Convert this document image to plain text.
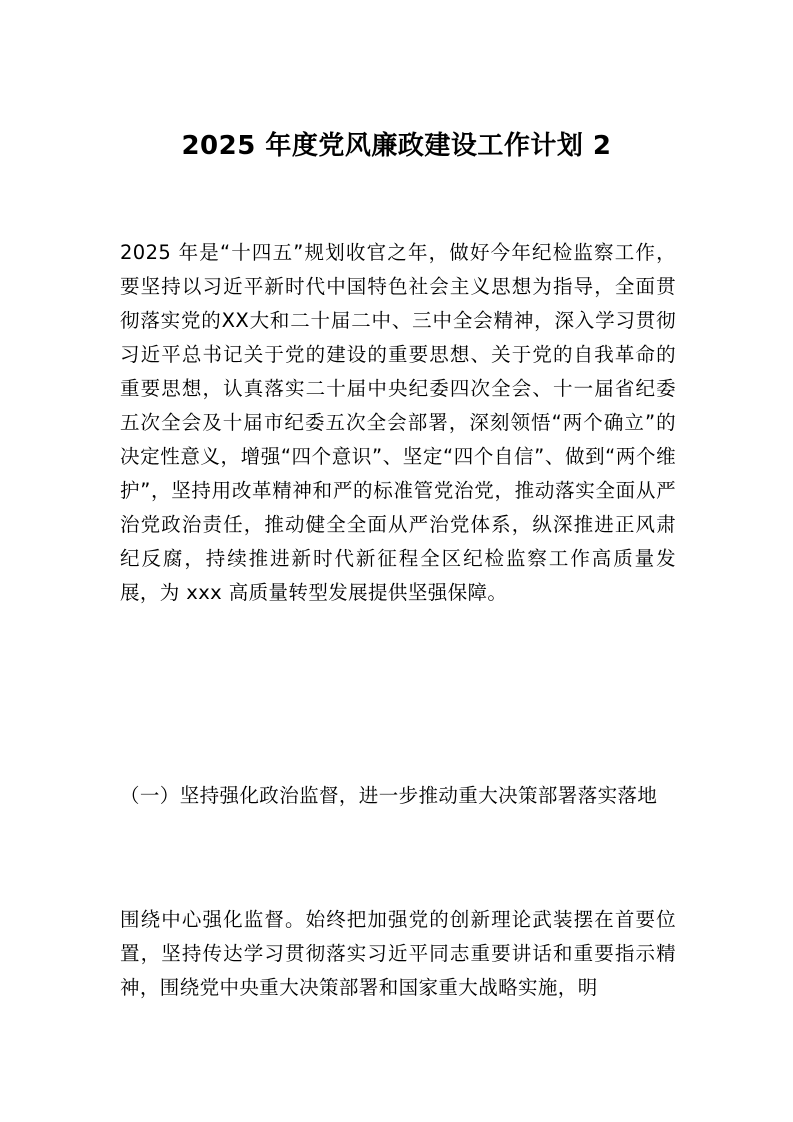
2025 年度党风廉政建设工作计划 2
2025 年是“十四五”规划收官之年，做好今年纪检监察工作，要坚持以习近平新时代中国特色社会主义思想为指导，全面贯彻落实党的XX大和二十届二中、三中全会精神，深入学习贯彻习近平总书记关于党的建设的重要思想、关于党的自我革命的重要思想，认真落实二十届中央纪委四次全会、十一届省纪委五次全会及十届市纪委五次全会部署，深刻领悟“两个确立”的决定性意义，增强“四个意识”、坚定“四个自信”、做到“两个维护”，坚持用改革精神和严的标准管党治党，推动落实全面从严治党政治责任，推动健全全面从严治党体系，纵深推进正风肃纪反腐，持续推进新时代新征程全区纪检监察工作高质量发展，为 xxx 高质量转型发展提供坚强保障。
（一）坚持强化政治监督，进一步推动重大决策部署落实落地
围绕中心强化监督。始终把加强党的创新理论武装摆在首要位置，坚持传达学习贯彻落实习近平同志重要讲话和重要指示精神，围绕党中央重大决策部署和国家重大战略实施，明
